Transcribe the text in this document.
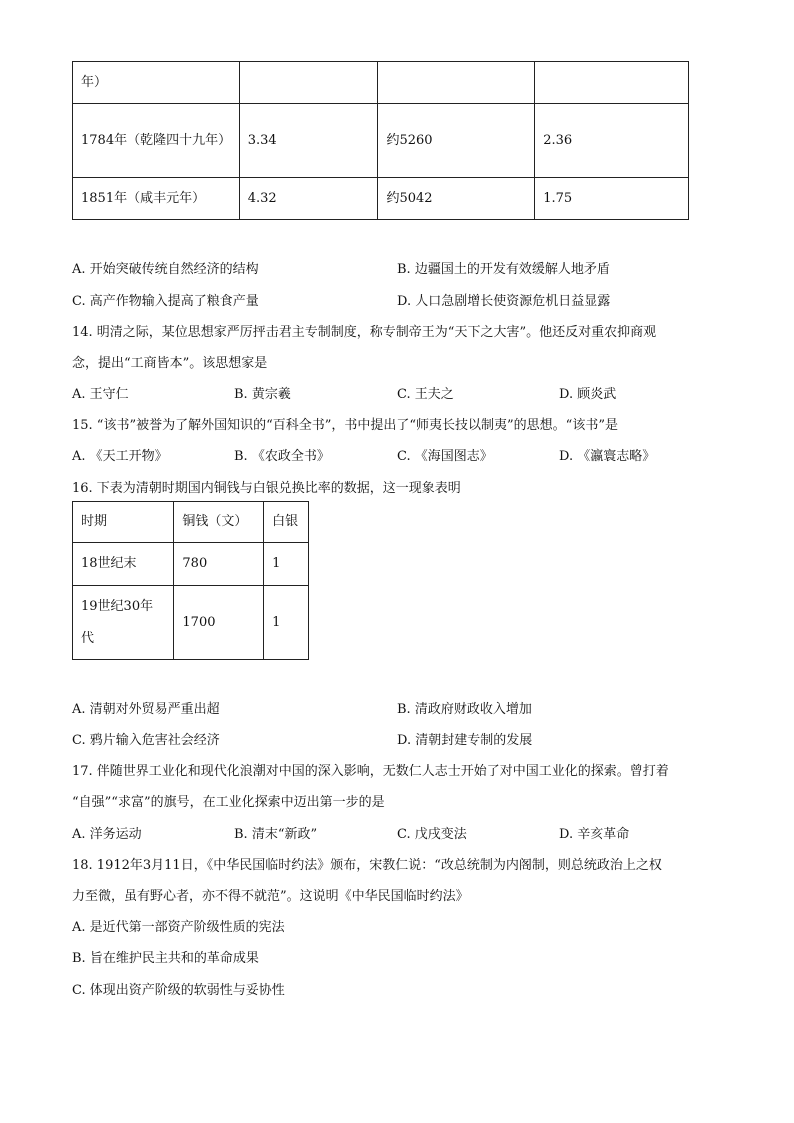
年）			
1784年（乾隆四十九年）	3.34	约5260	2.36
1851年（咸丰元年）	4.32	约5042	1.75
A. 开始突破传统自然经济的结构	B. 边疆国土的开发有效缓解人地矛盾
C. 高产作物输入提高了粮食产量	D. 人口急剧增长使资源危机日益显露
14. 明清之际，某位思想家严厉抨击君主专制制度，称专制帝王为“天下之大害”。他还反对重农抑商观
念，提出“工商皆本”。该思想家是
A. 王守仁	B. 黄宗羲	C. 王夫之	D. 顾炎武
15. “该书”被誉为了解外国知识的“百科全书”，书中提出了“师夷长技以制夷”的思想。“该书”是
A. 《天工开物》	B. 《农政全书》	C. 《海国图志》	D. 《瀛寰志略》
16. 下表为清朝时期国内铜钱与白银兑换比率的数据，这一现象表明
时期	铜钱（文）	白银
18世纪末	780	1
19世纪30年代	1700	1
A. 清朝对外贸易严重出超	B. 清政府财政收入增加
C. 鸦片输入危害社会经济	D. 清朝封建专制的发展
17. 伴随世界工业化和现代化浪潮对中国的深入影响，无数仁人志士开始了对中国工业化的探索。曾打着
“自强”“求富”的旗号，在工业化探索中迈出第一步的是
A. 洋务运动	B. 清末“新政”	C. 戊戌变法	D. 辛亥革命
18. 1912年3月11日，《中华民国临时约法》颁布，宋教仁说：“改总统制为内阁制，则总统政治上之权
力至微，虽有野心者，亦不得不就范”。这说明《中华民国临时约法》
A. 是近代第一部资产阶级性质的宪法
B. 旨在维护民主共和的革命成果
C. 体现出资产阶级的软弱性与妥协性
